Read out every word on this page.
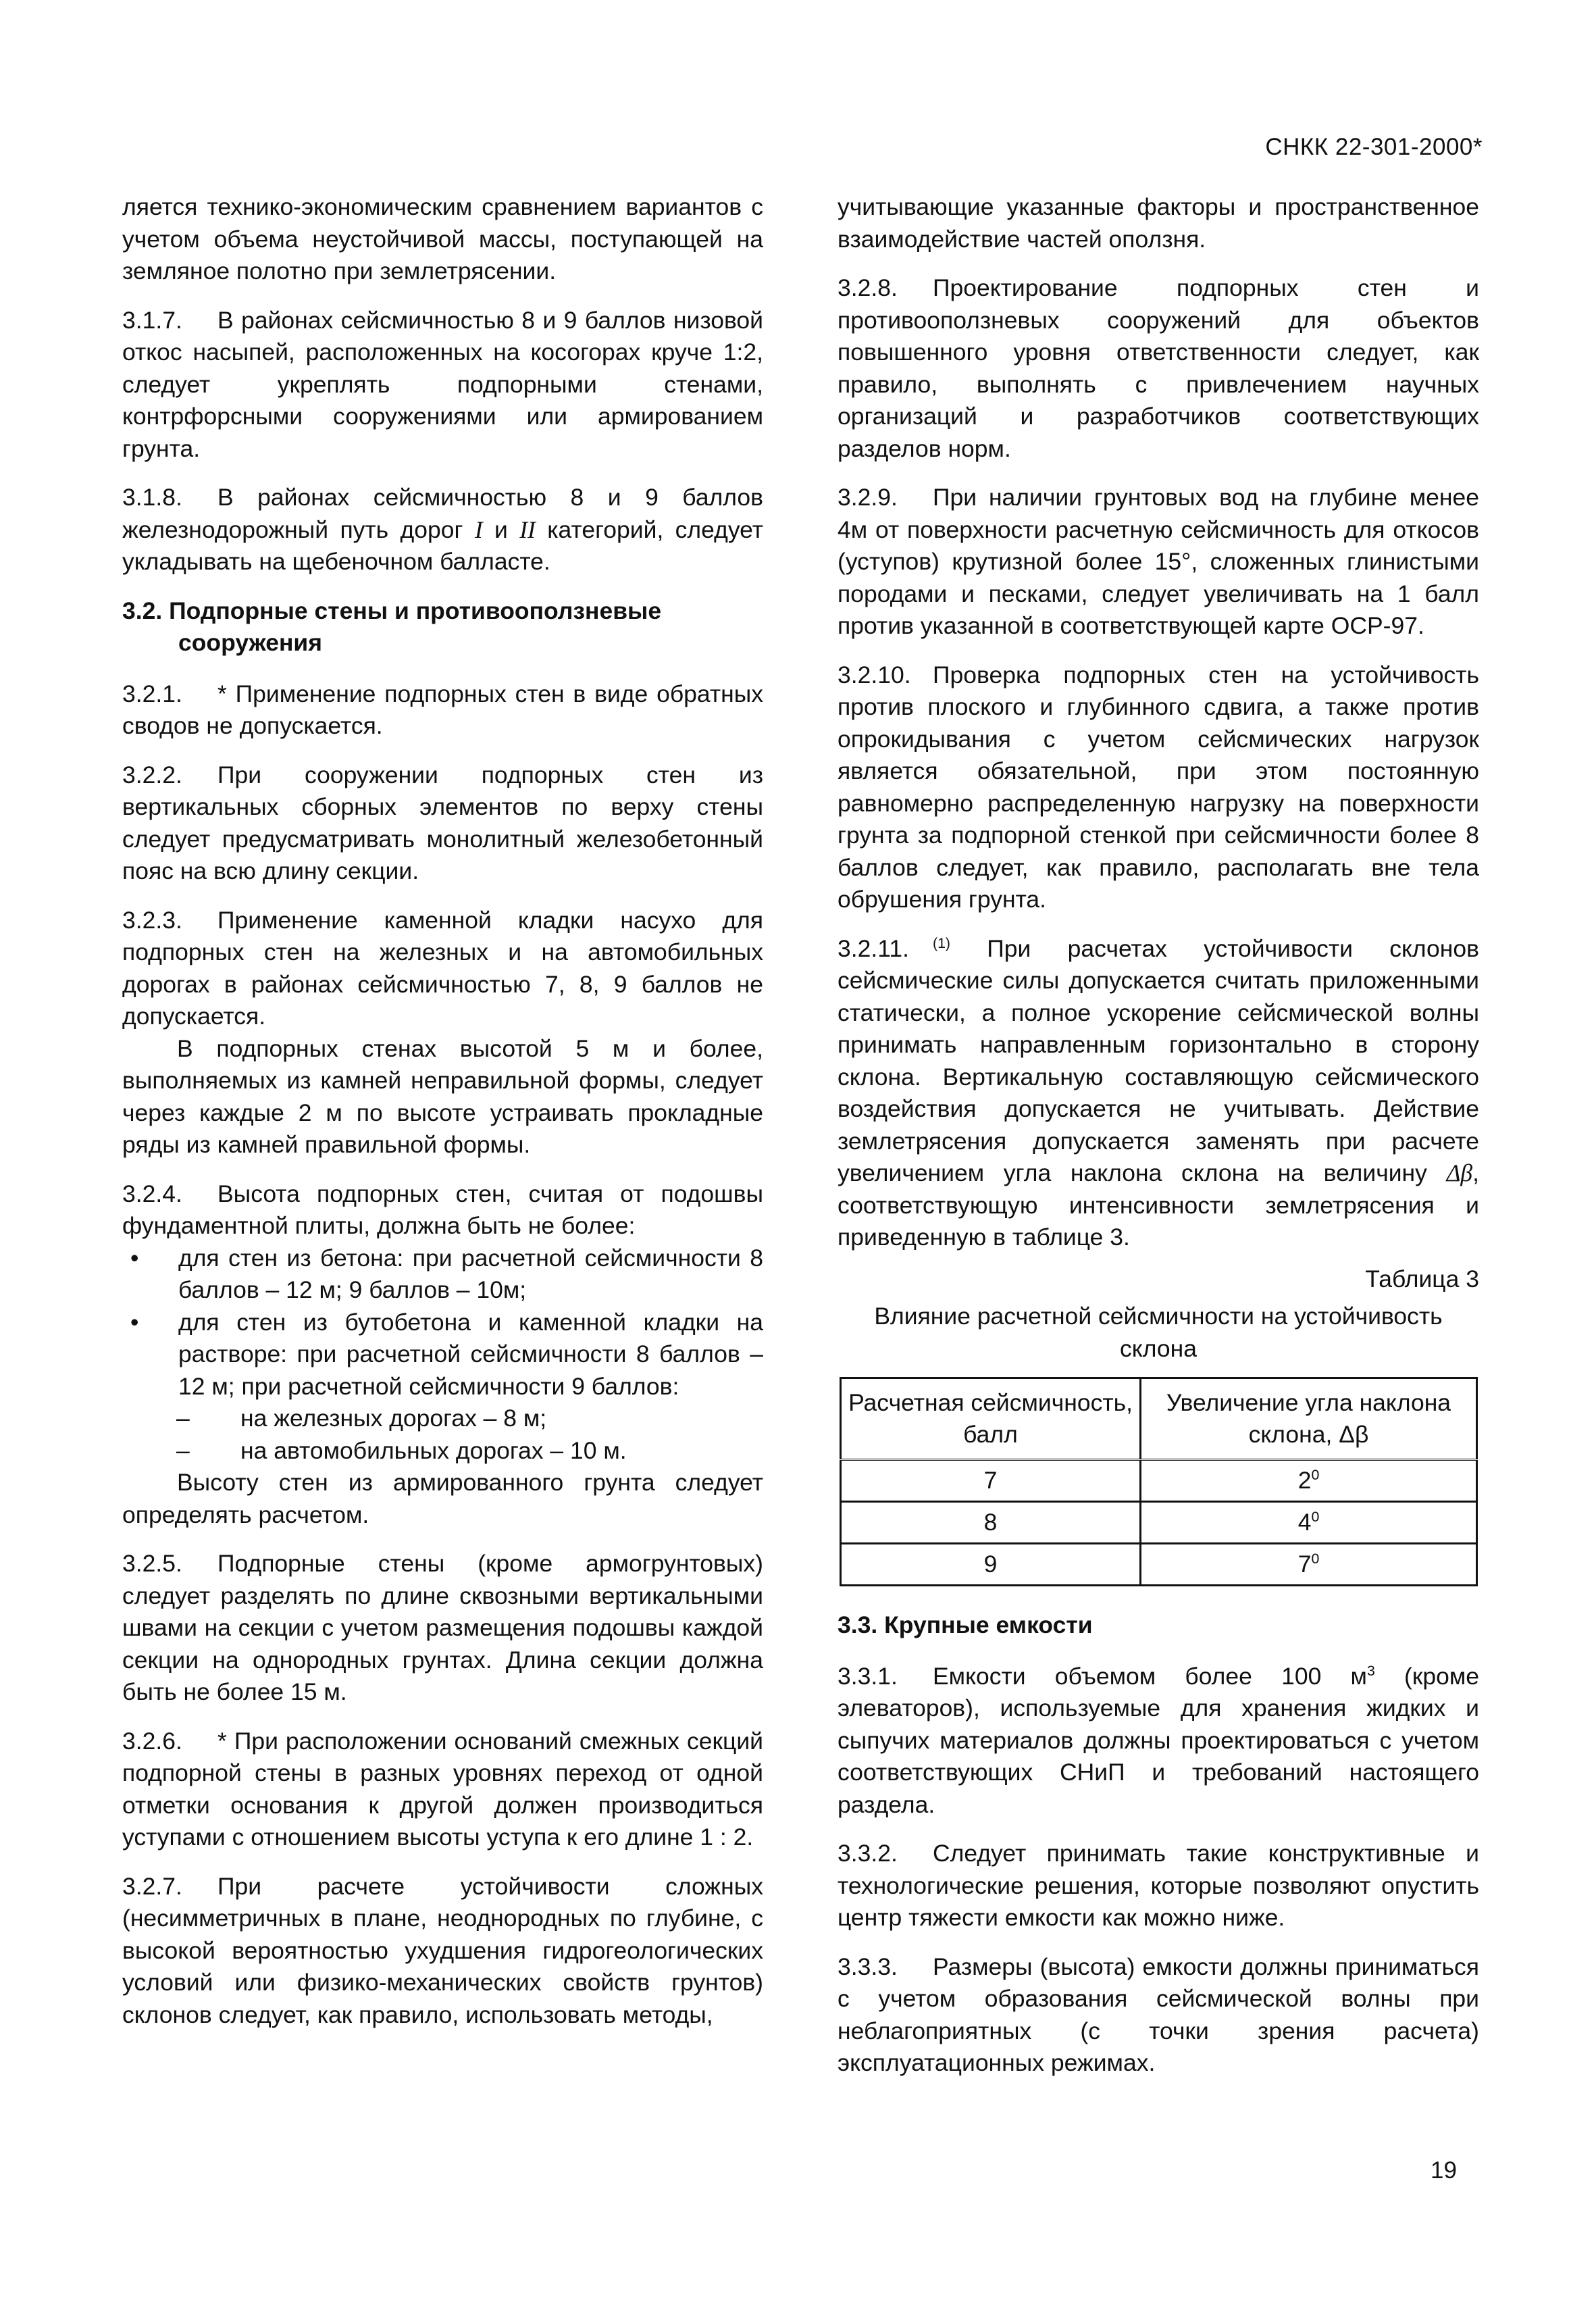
СНКК 22-301-2000*

ляется технико-экономическим сравнением вариантов с учетом объема неустойчивой массы, поступающей на земляное полотно при землетрясении.

3.1.7. В районах сейсмичностью 8 и 9 баллов низовой откос насыпей, расположенных на косогорах круче 1:2, следует укреплять подпорными стенами, контрфорсными сооружениями или армированием грунта.

3.1.8. В районах сейсмичностью 8 и 9 баллов железнодорожный путь дорог I и II категорий, следует укладывать на щебеночном балласте.

3.2. Подпорные стены и противооползневые
сооружения

3.2.1. * Применение подпорных стен в виде обратных сводов не допускается.

3.2.2. При сооружении подпорных стен из вертикальных сборных элементов по верху стены следует предусматривать монолитный железобетонный пояс на всю длину секции.

3.2.3. Применение каменной кладки насухо для подпорных стен на железных и на автомобильных дорогах в районах сейсмичностью 7, 8, 9 баллов не допускается.

В подпорных стенах высотой 5 м и более, выполняемых из камней неправильной формы, следует через каждые 2 м по высоте устраивать прокладные ряды из камней правильной формы.

3.2.4. Высота подпорных стен, считая от подошвы фундаментной плиты, должна быть не более:

• для стен из бетона: при расчетной сейсмичности 8 баллов – 12 м; 9 баллов – 10м;
• для стен из бутобетона и каменной кладки на растворе: при расчетной сейсмичности 8 баллов – 12 м; при расчетной сейсмичности 9 баллов:
– на железных дорогах – 8 м;
– на автомобильных дорогах – 10 м.

Высоту стен из армированного грунта следует определять расчетом.

3.2.5. Подпорные стены (кроме армогрунтовых) следует разделять по длине сквозными вертикальными швами на секции с учетом размещения подошвы каждой секции на однородных грунтах. Длина секции должна быть не более 15 м.

3.2.6. * При расположении оснований смежных секций подпорной стены в разных уровнях переход от одной отметки основания к другой должен производиться уступами с отношением высоты уступа к его длине 1 : 2.

3.2.7. При расчете устойчивости сложных (несимметричных в плане, неоднородных по глубине, с высокой вероятностью ухудшения гидрогеологических условий или физико-механических свойств грунтов) склонов следует, как правило, использовать методы,

учитывающие указанные факторы и пространственное взаимодействие частей оползня.

3.2.8. Проектирование подпорных стен и противооползневых сооружений для объектов повышенного уровня ответственности следует, как правило, выполнять с привлечением научных организаций и разработчиков соответствующих разделов норм.

3.2.9. При наличии грунтовых вод на глубине менее 4м от поверхности расчетную сейсмичность для откосов (уступов) крутизной более 15°, сложенных глинистыми породами и песками, следует увеличивать на 1 балл против указанной в соответствующей карте ОСР-97.

3.2.10. Проверка подпорных стен на устойчивость против плоского и глубинного сдвига, а также против опрокидывания с учетом сейсмических нагрузок является обязательной, при этом постоянную равномерно распределенную нагрузку на поверхности грунта за подпорной стенкой при сейсмичности более 8 баллов следует, как правило, располагать вне тела обрушения грунта.

3.2.11. $^{(1)}$ При расчетах устойчивости склонов сейсмические силы допускается считать приложенными статически, а полное ускорение сейсмической волны принимать направленным горизонтально в сторону склона. Вертикальную составляющую сейсмического воздействия допускается не учитывать. Действие землетрясения допускается заменять при расчете увеличением угла наклона склона на величину Δβ, соответствующую интенсивности землетрясения и приведенную в таблице 3.

Таблица 3
Влияние расчетной сейсмичности на устойчивость склона
Расчетная сейсмичность, балл	Увеличение угла наклона склона, Δβ
7	$2^0$
8	$4^0$
9	$7^0$
3.3. Крупные емкости

3.3.1. Емкости объемом более 100 $м^3$ (кроме элеваторов), используемые для хранения жидких и сыпучих материалов должны проектироваться с учетом соответствующих СНиП и требований настоящего раздела.

3.3.2. Следует принимать такие конструктивные и технологические решения, которые позволяют опустить центр тяжести емкости как можно ниже.

3.3.3. Размеры (высота) емкости должны приниматься с учетом образования сейсмической волны при неблагоприятных (с точки зрения расчета) эксплуатационных режимах.

19
